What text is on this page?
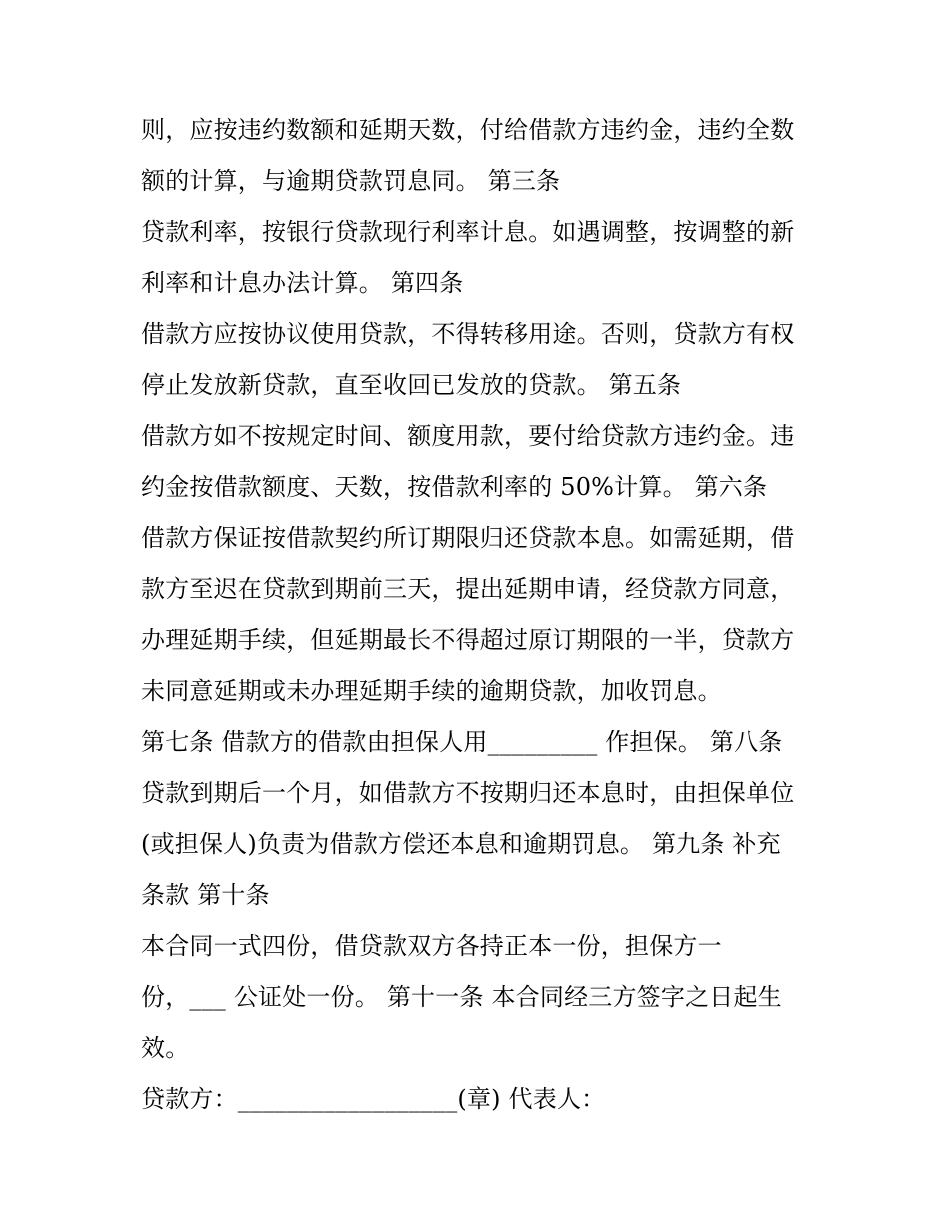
则，应按违约数额和延期天数，付给借款方违约金，违约全数
额的计算，与逾期贷款罚息同。 第三条
贷款利率，按银行贷款现行利率计息。如遇调整，按调整的新
利率和计息办法计算。 第四条
借款方应按协议使用贷款，不得转移用途。否则，贷款方有权
停止发放新贷款，直至收回已发放的贷款。 第五条
借款方如不按规定时间、额度用款，要付给贷款方违约金。违
约金按借款额度、天数，按借款利率的 50%计算。 第六条
借款方保证按借款契约所订期限归还贷款本息。如需延期，借
款方至迟在贷款到期前三天，提出延期申请，经贷款方同意，
办理延期手续，但延期最长不得超过原订期限的一半，贷款方
未同意延期或未办理延期手续的逾期贷款，加收罚息。
第七条 借款方的借款由担保人用_________ 作担保。 第八条
贷款到期后一个月，如借款方不按期归还本息时，由担保单位
(或担保人)负责为借款方偿还本息和逾期罚息。 第九条 补充
条款 第十条
本合同一式四份，借贷款双方各持正本一份，担保方一
份，___ 公证处一份。 第十一条 本合同经三方签字之日起生
效。
贷款方：__________________(章) 代表人：
